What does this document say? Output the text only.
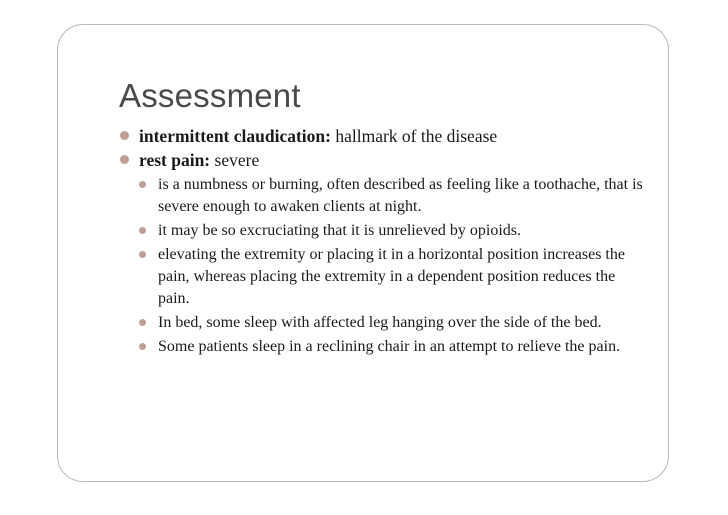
Assessment
intermittent claudication: hallmark of the disease
rest pain: severe
is a numbness or burning, often described as feeling like a toothache, that is severe enough to awaken clients at night.
it may be so excruciating that it is unrelieved by opioids.
elevating the extremity or placing it in a horizontal position increases the pain, whereas placing the extremity in a dependent position reduces the pain.
In bed, some sleep with affected leg hanging over the side of the bed.
Some patients sleep in a reclining chair in an attempt to relieve the pain.
